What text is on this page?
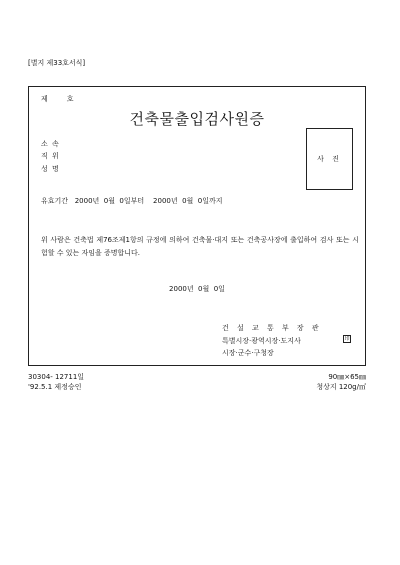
[별지 제33호서식]
제	호
건축물출입검사원증
소 속
직 위
성 명
사 진
유효기간   2000년  0월  0일부터    2000년  0월  0일까지
위 사람은 건축법 제76조제1항의 규정에 의하여 건축물·대지 또는 건축공사장에 출입하여 검사 또는 시험할 수 있는 자임을 증명합니다.
2000년  0월  0일
건 설 교 통 부 장 관
특별시장·광역시장·도지사
시장·군수·구청장
印
30304- 12711일
'92.5.1 제정승인
90㎜×65㎜
청상지 120g/㎡
